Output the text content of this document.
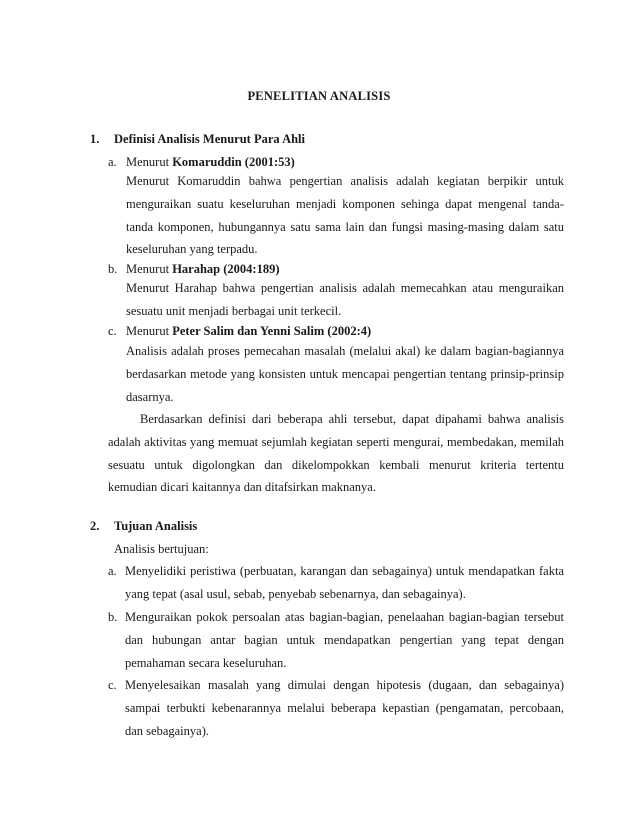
PENELITIAN ANALISIS
1. Definisi Analisis Menurut Para Ahli
a. Menurut Komaruddin (2001:53)
Menurut Komaruddin bahwa pengertian analisis adalah kegiatan berpikir untuk
menguraikan suatu keseluruhan menjadi komponen sehinga dapat mengenal tanda-
tanda komponen, hubungannya satu sama lain dan fungsi masing-masing dalam satu
keseluruhan yang terpadu.
b. Menurut Harahap (2004:189)
Menurut Harahap bahwa pengertian analisis adalah memecahkan atau menguraikan
sesuatu unit menjadi berbagai unit terkecil.
c. Menurut Peter Salim dan Yenni Salim (2002:4)
Analisis adalah proses pemecahan masalah (melalui akal) ke dalam bagian-bagiannya
berdasarkan metode yang konsisten untuk mencapai pengertian tentang prinsip-prinsip
dasarnya.
Berdasarkan definisi dari beberapa ahli tersebut, dapat dipahami bahwa analisis
adalah aktivitas yang memuat sejumlah kegiatan seperti mengurai, membedakan, memilah
sesuatu untuk digolongkan dan dikelompokkan kembali menurut kriteria tertentu
kemudian dicari kaitannya dan ditafsirkan maknanya.
2. Tujuan Analisis
Analisis bertujuan:
a. Menyelidiki peristiwa (perbuatan, karangan dan sebagainya) untuk mendapatkan fakta
yang tepat (asal usul, sebab, penyebab sebenarnya, dan sebagainya).
b. Menguraikan pokok persoalan atas bagian-bagian, penelaahan bagian-bagian tersebut
dan hubungan antar bagian untuk mendapatkan pengertian yang tepat dengan
pemahaman secara keseluruhan.
c. Menyelesaikan masalah yang dimulai dengan hipotesis (dugaan, dan sebagainya)
sampai terbukti kebenarannya melalui beberapa kepastian (pengamatan, percobaan,
dan sebagainya).
